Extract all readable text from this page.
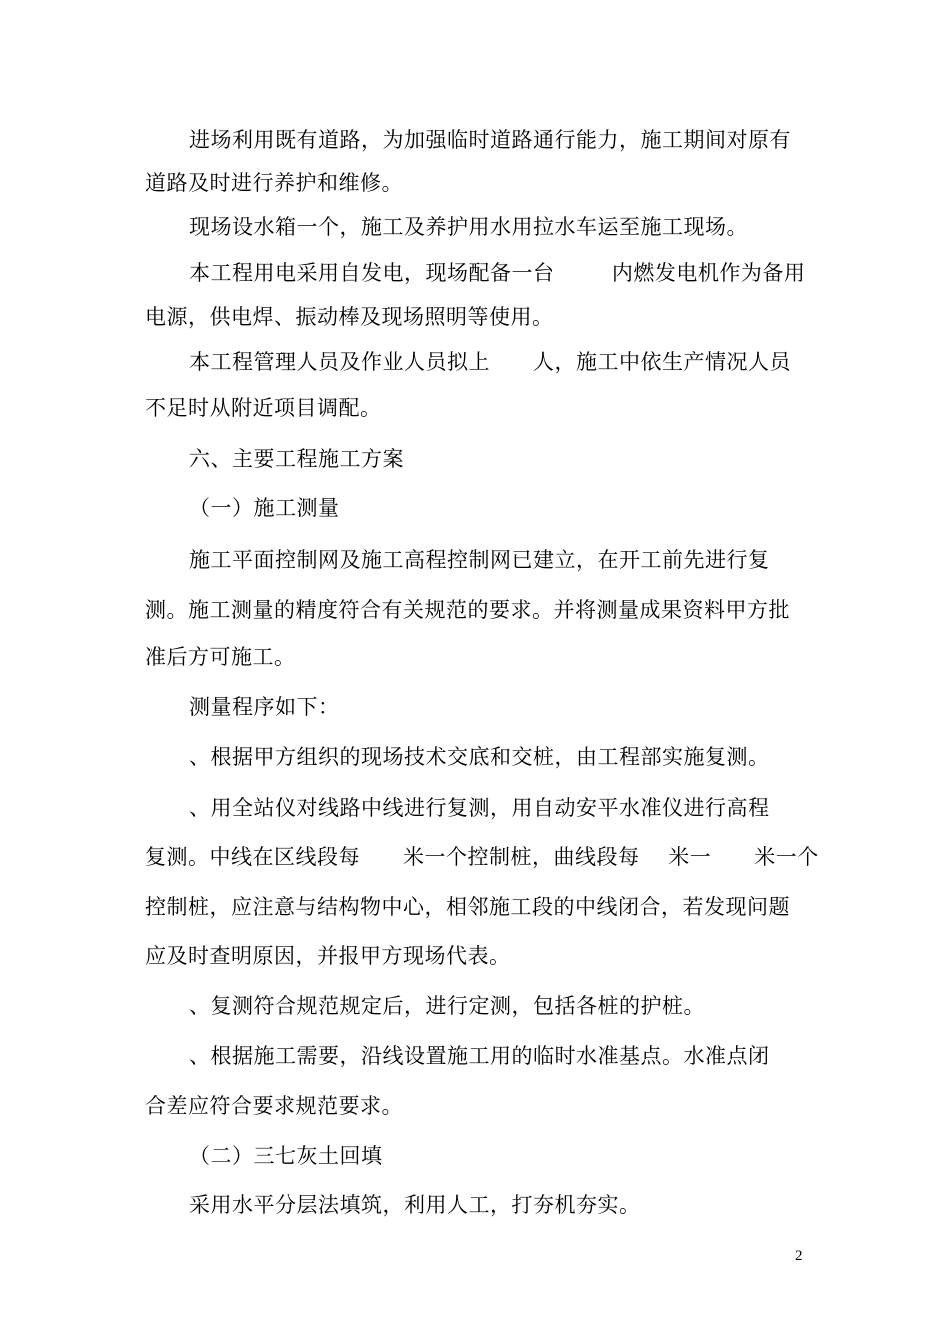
进场利用既有道路，为加强临时道路通行能力，施工期间对原有
道路及时进行养护和维修。
现场设水箱一个，施工及养护用水用拉水车运至施工现场。
本工程用电采用自发电，现场配备一台        内燃发电机作为备用
电源，供电焊、振动棒及现场照明等使用。
本工程管理人员及作业人员拟上      人，施工中依生产情况人员
不足时从附近项目调配。
六、主要工程施工方案
（一）施工测量
施工平面控制网及施工高程控制网已建立，在开工前先进行复
测。施工测量的精度符合有关规范的要求。并将测量成果资料甲方批
准后方可施工。
测量程序如下：
、根据甲方组织的现场技术交底和交桩，由工程部实施复测。
、用全站仪对线路中线进行复测，用自动安平水准仪进行高程
复测。中线在区线段每      米一个控制桩，曲线段每    米一      米一个
控制桩，应注意与结构物中心，相邻施工段的中线闭合，若发现问题
应及时查明原因，并报甲方现场代表。
、复测符合规范规定后，进行定测，包括各桩的护桩。
、根据施工需要，沿线设置施工用的临时水准基点。水准点闭
合差应符合要求规范要求。
（二）三七灰土回填
采用水平分层法填筑，利用人工，打夯机夯实。
2
